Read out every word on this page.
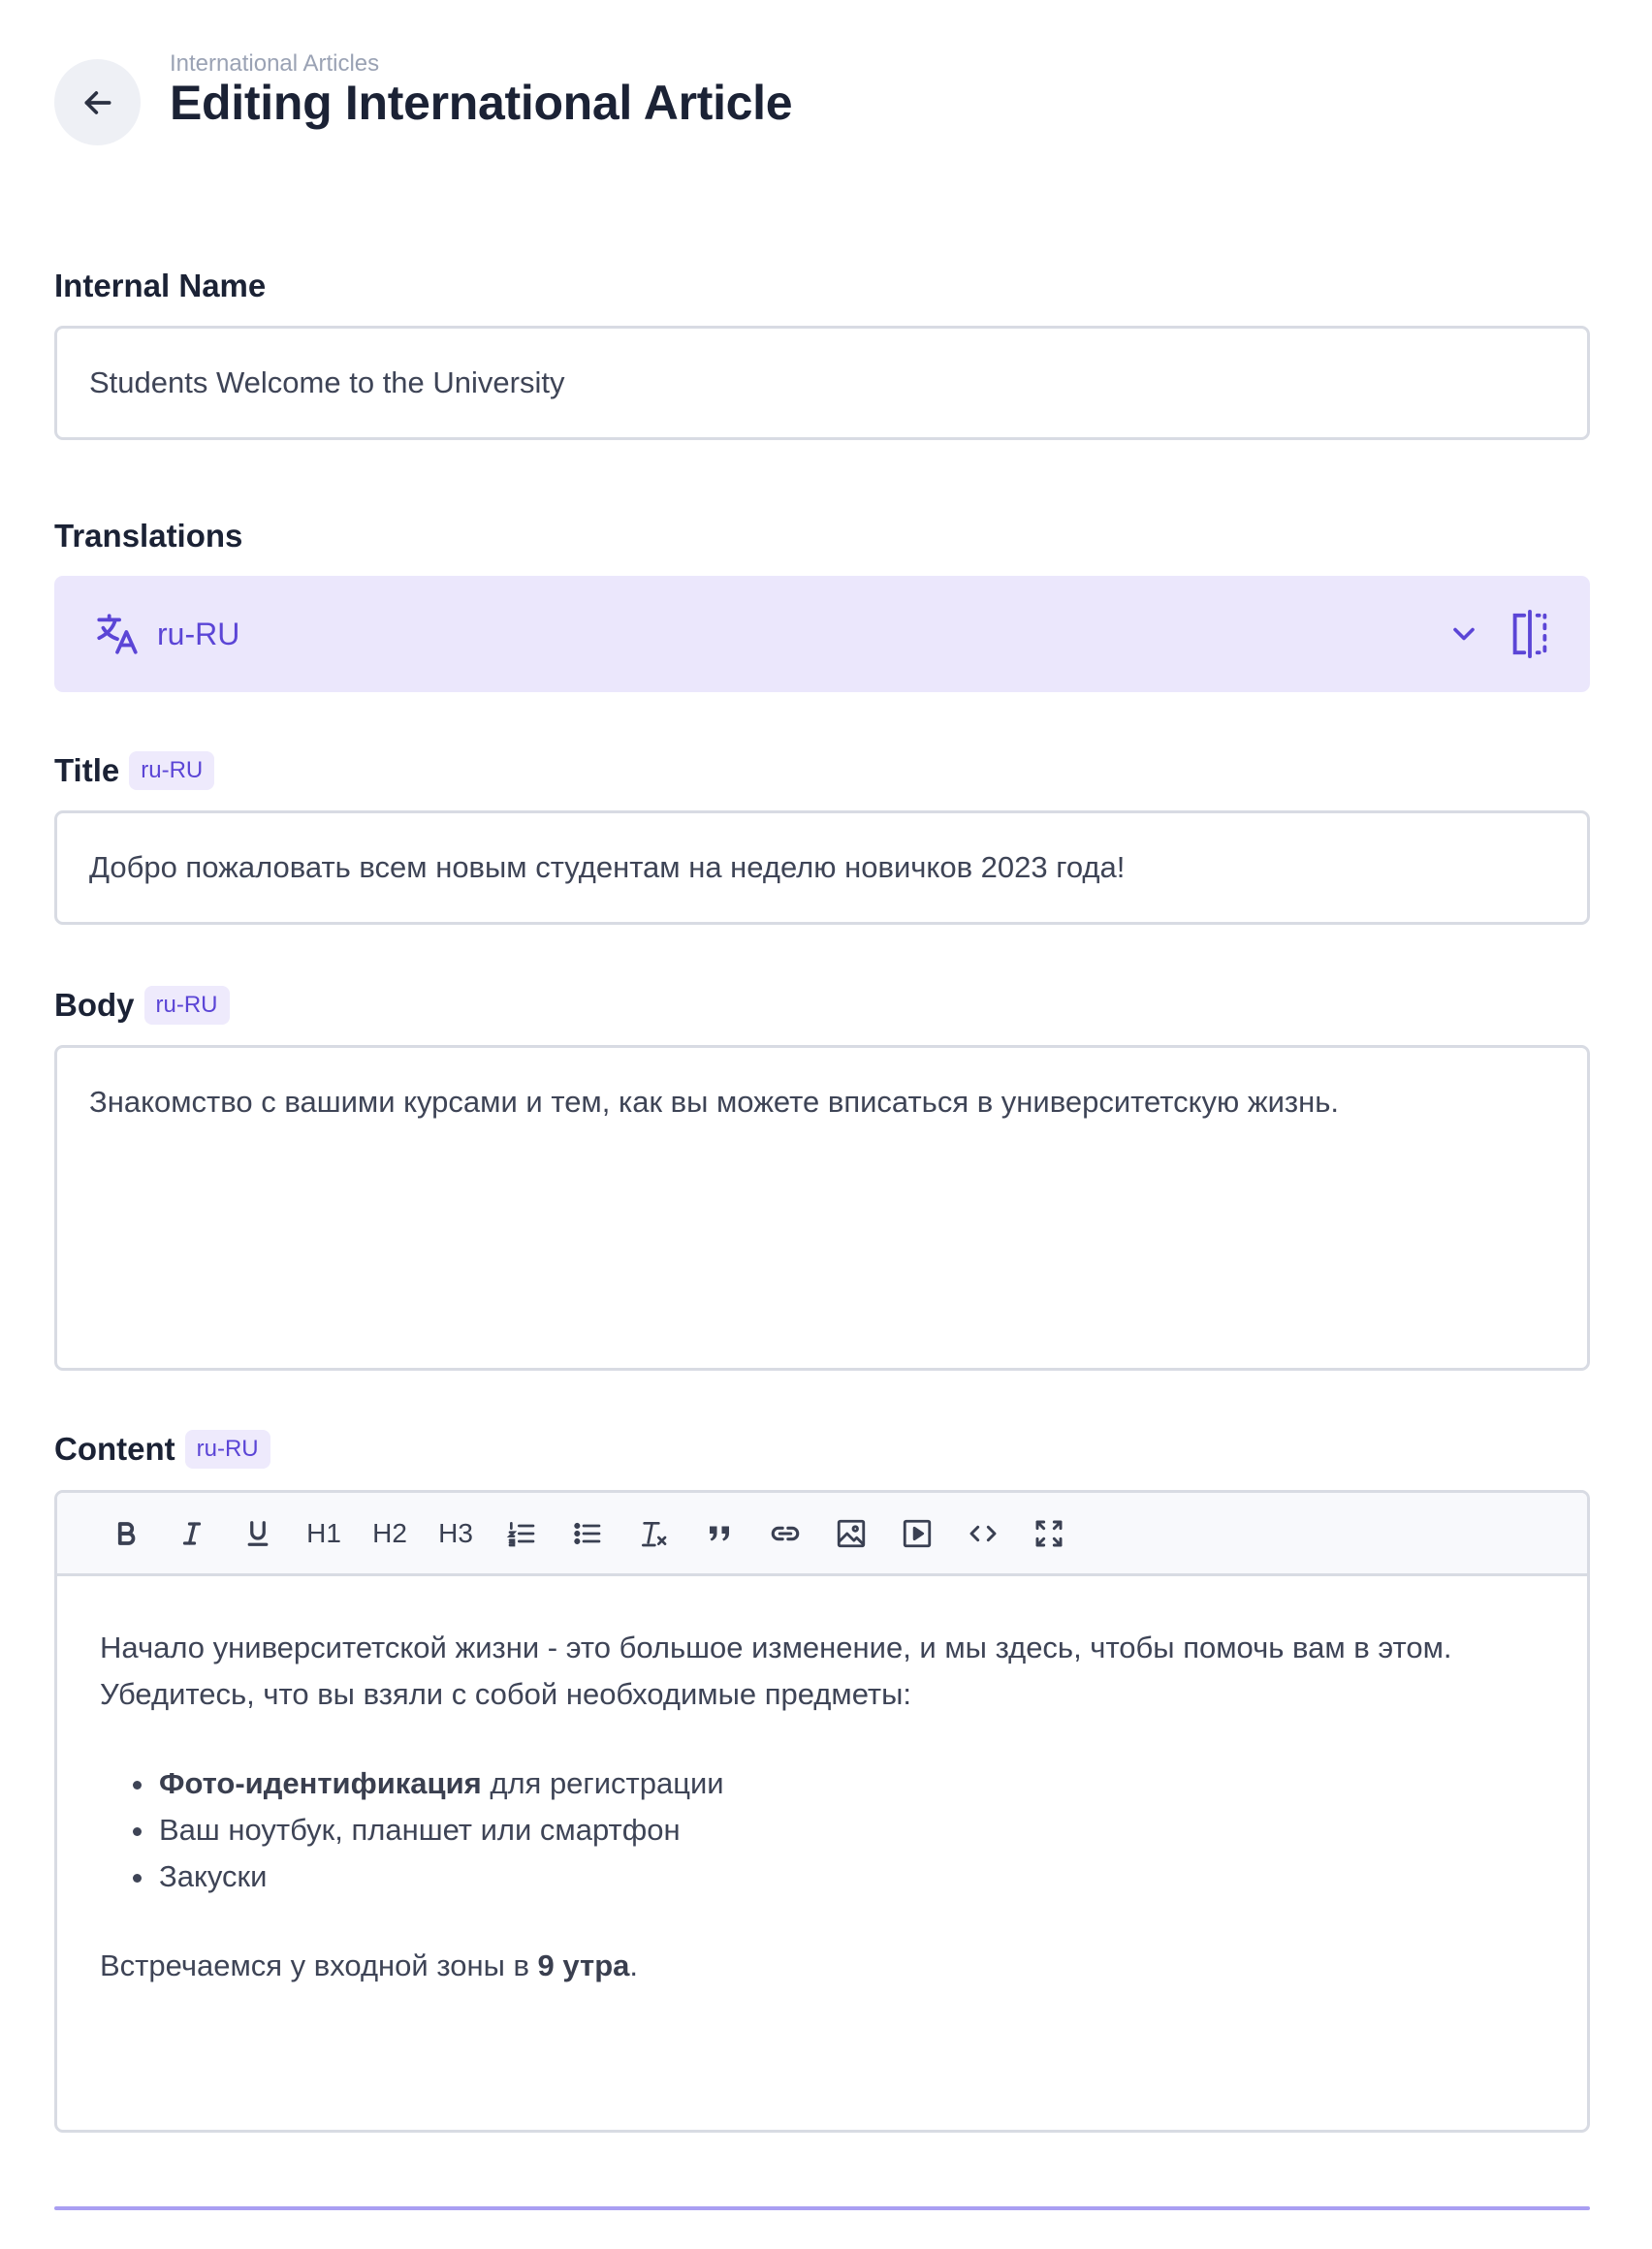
International Articles
Editing International Article
Internal Name
Students Welcome to the University
Translations
ru-RU
Title ru-RU
Добро пожаловать всем новым студентам на неделю новичков 2023 года!
Body ru-RU
Знакомство с вашими курсами и тем, как вы можете вписаться в университетскую жизнь.
Content ru-RU
H1	H2	H3

Начало университетской жизни - это большое изменение, и мы здесь, чтобы помочь вам в этом. Убедитесь, что вы взяли с собой необходимые предметы:

Фото-идентификация для регистрации
Ваш ноутбук, планшет или смартфон
Закуски

Встречаемся у входной зоны в 9 утра.
